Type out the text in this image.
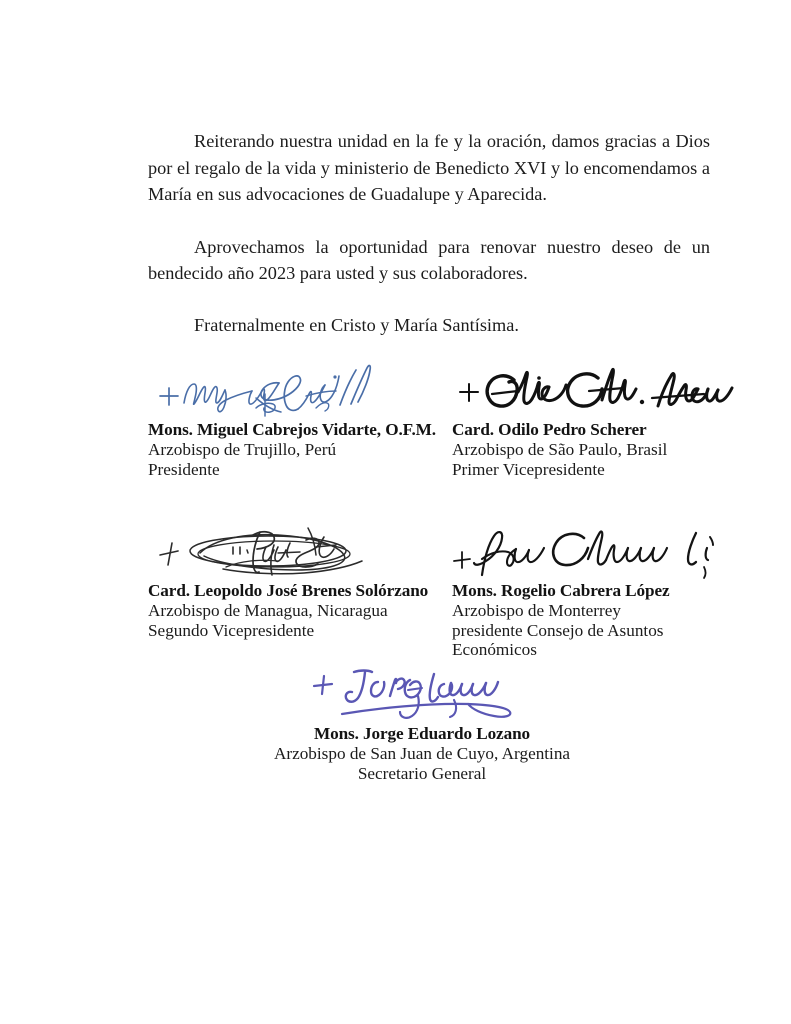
Reiterando nuestra unidad en la fe y la oración, damos gracias a Dios por el regalo de la vida y ministerio de Benedicto XVI y lo encomendamos a María en sus advocaciones de Guadalupe y Aparecida.

Aprovechamos la oportunidad para renovar nuestro deseo de un bendecido año 2023 para usted y sus colaboradores.

Fraternalmente en Cristo y María Santísima.

Mons. Miguel Cabrejos Vidarte, O.F.M.
Arzobispo de Trujillo, Perú
Presidente
Card. Odilo Pedro Scherer
Arzobispo de São Paulo, Brasil
Primer Vicepresidente
Card. Leopoldo José Brenes Solórzano
Arzobispo de Managua, Nicaragua
Segundo Vicepresidente
Mons. Rogelio Cabrera López
Arzobispo de Monterrey
presidente Consejo de Asuntos
Económicos
Mons. Jorge Eduardo Lozano
Arzobispo de San Juan de Cuyo, Argentina
Secretario General
